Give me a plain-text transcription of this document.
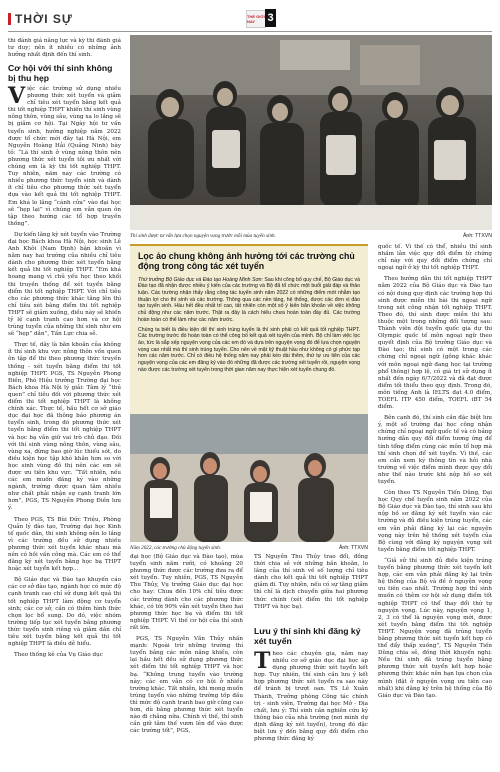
THỜI SỰ	THẾ GIỚI NAY	3
thi đánh giá năng lực và kỳ thi đánh giá tư duy; nên ít nhiều có những ảnh hưởng nhất định đến thí sinh.
Cơ hội với thí sinh không bị thu hẹp
Việc các trường sử dụng nhiều phương thức xét tuyển và giảm chỉ tiêu xét tuyển bằng kết quả thi tốt nghiệp THPT khiến thí sinh vùng nông thôn, vùng sâu, vùng xa lo lắng sẽ bị giảm cơ hội. Tại Ngày hội tư vấn tuyển sinh, hướng nghiệp năm 2022 được tổ chức mới đây tại Hà Nội, em Nguyễn Hoàng Hải (Quảng Ninh) bày tỏ: “Là thí sinh ở vùng nông thôn nên phương thức xét tuyển tôi ưu nhất với chúng em là kỳ thi tốt nghiệp THPT. Tuy nhiên, năm nay các trường có nhiều phương thức tuyển sinh và dành ít chỉ tiêu cho phương thức xét tuyển dựa vào kết quả thi tốt nghiệp THPT. Em khá lo lắng “cánh cửa” vào đại học sẽ “hẹp lại” vì chúng em vẫn quen ôn tập theo hướng các tổ hợp truyền thống”.

Dự kiến lăng kỳ xét tuyển vào Trường đại học Bách khoa Hà Nội, học sinh Lê Anh Khôi (Nam Định) bận khoăn vì năm nay hai trường của nhiều chỉ tiêu dành cho phương thức xét tuyển bằng kết quả thi tốt nghiệp THPT. “Em khá hoang mang vì chủ yếu học theo khối thi truyền thống để xét tuyển bằng điểm thi tốt nghiệp THPT. Với chỉ tiêu cho các phương thức khác tăng lên thì chỉ tiêu xét bằng điểm thi tốt nghiệp THPT sẽ giảm xuống, điều này sẽ khiến tỷ lệ cạnh tranh cao hơn và cơ hội trúng tuyển của những thí sinh như em sẽ “hẹp” dần”, Tấn Lực chia sẻ.

Thực tế, dây là băn khoăn của không ít thí sinh khu vực nông thôn vốn quen ôn tập để thi theo phương thức truyền thống - xét tuyển bằng điểm thi tốt nghiệp THPT. PGS, TS Nguyễn Phong Điền, Phó Hiệu trưởng Trường đại học Bách khoa Hà Nội lý giải: Tâm lý “thủ quen” chỉ tiêu đối với phương thức xét điểm thi tốt nghiệp THPT là không chính xác. Thực tế, hầu hết cơ sở giáo dục đại học đã thông báo phương án tuyển sinh, trong đó phương thức xét tuyển bằng điểm thi tốt nghiệp THPT và học bạ vẫn giữ vai trò chủ đạo. Đối với thí sinh vùng nông thôn, vùng sâu, vùng xa, đừng bao giờ lúc thiếu sót, do điều kiện học tập khó khăn hơn so với học sinh vùng đô thị nên các em sẽ được ưu tiên khu vực. “Tất nhiên, nếu các em muốn đăng ký vào những ngành, trường được quan tâm nhiều như chất phải nhận sự cạnh tranh lớn hơn”, PGS, TS Nguyễn Phong Điền lưu ý.

Theo PGS, TS Bùi Đức Triệu, Phòng Quản lý đào tạo, Trường đại học Kinh tế quốc dân, thí sinh không nên lo lắng vì các trường đều sử dụng nhiều phương thức xét tuyển khác nhau mà nên có hồi vấn công mà. Các em có thể đăng ký xét tuyển bằng học bạ THPT hoặc xét tuyển kết hợp…

Bộ Giáo dục và Đào tạo khuyến cáo các cơ sở đào tạo, ngành học có mức độ cạnh tranh cao chỉ sử dụng kết quả thi tốt nghiệp THPT làm động cơ tuyển sinh; các cơ sở, cần có thêm hình thức chọn lọc bổ sung. Do đó, việc nhóm trường tiếp tục xét tuyển bằng phương thức tuyển sinh riêng và giảm dần chỉ tiêu xét tuyển bằng kết quả thi tốt nghiệp THPT là điều dễ hiểu.

Theo thống kê của Vụ Giáo dục

Thí sinh được tư vấn lựa chọn nguyện vọng trước mỗi mùa tuyển sinh.	Ảnh: TTXVN
Lọc ảo chung không ảnh hưởng tới các trường chủ động trong công tác xét tuyển
Thứ trưởng Bộ Giáo dục và Đào tạo Hoàng Minh Sơn: Sau khi công bố quy chế, Bộ Giáo dục và Đào tạo đã nhận được nhiều ý kiến của các trường và Bộ đã tổ chức một buổi giải đáp và thảo luận. Các trường nhận thấy rằng công tác tuyển sinh năm 2022 có những điểm mới nhằm tạo thuận lợi cho thí sinh và các trường. Thông qua các nền tảng, hệ thống, được các đơn vị đào tạo tuyển sinh. Hầu hết đều nhất trí cao, tất nhiên còn một số ý kiến băn khoăn về việc không chủ động như các năm trước. Thật ra đây là cách hiểu chưa hoàn toàn đầy đủ. Các trường hoàn toàn có thể làm như các năm trước.
Chúng ta biết là điều kiện để thí sinh trúng tuyển là thí sinh phải có kết quả tốt nghiệp THPT. Các trường trước đó hoàn toàn có thể công bố kết quả xét tuyển của mình. Bộ chỉ làm việc lọc ảo, tức là sắp xếp nguyện vọng của các em đó và dựa trên nguyện vọng đó để lựa chọn nguyện vọng cao nhất mà thí sinh trúng tuyển. Cho nên về mặt kỹ thuật hầu như không có gì phức tạp hơn các năm trước. Chỉ có điều hệ thống năm nay phải kéo dài thêm, thứ tự ưu tiên của các nguyện vọng của các em đăng ký vào đó những đã được các trường xét tuyển rồi, nguyện vọng nào được các trường xét tuyển trong thời gian năm nay thực hiện xét tuyển chung đó.
Năm 2022, các trường chủ động tuyển sinh.	Ảnh: TTXVN
đại học (Bộ Giáo dục và Đào tạo), mùa tuyển sinh năm rưỡi, có khoảng 20 phương thức được các trường đưa ra để xét tuyển. Tuy nhiên, PGS, TS Nguyễn Thu Thủy, Vụ trưởng Giáo dục đại học cho hay: Chưa đến 10% chỉ tiêu được các trường dành cho các phương thức khác, có tới 90% vẫn xét tuyển theo hai phương thức học bạ và điểm thi tốt nghiệp THPT. Vì thế cơ hội của thí sinh rất lớn.

PGS, TS Nguyễn Văn Thủy nhấn mạnh: Ngoài trừ những trường thí tuyển bằng các môn năng khiếu, còn lại hầu hết đều sử dụng phương thức xét điểm thi tốt nghiệp THPT và học bạ. “Không trung tuyển vào trường này; các em vẫn có cơ hội ở nhiều trường khác. Tất nhiên, khi mong muốn trúng tuyển vào những trường tốp đầu thì mức độ cạnh tranh bao giờ cũng cao hơn, dù bằng phương thức xét tuyển nào đi chăng nữa. Chính vì thế, thí sinh cần giữ tâm thế vươn lên để vào được các trường tốt”, PGS,

TS Nguyễn Thu Thủy trao đổi, đồng thời chia sẻ với những bắn khoăn, lo lắng của thí sinh về số lượng chỉ tiêu dành cho kết quả thi tốt nghiệp THPT giảm đi. Tuy nhiên, nếu có sự tăng giảm thì chỉ là dịch chuyển giữa hai phương thức chính (xét điểm thi tốt nghiệp THPT và học bạ).
Lưu ý thí sinh khi đăng ký xét tuyển
Theo các chuyên gia, năm nay nhiều cơ sở giáo dục đại học áp dụng phương thức xét tuyển kết hợp. Tuy nhiên, thí sinh cần lưu ý kết hợp phương thức xét tuyển ra sao này để tránh bị trượt oan. TS Lê Xuân Thành, Trưởng phòng Công tác chính trị - sinh viên, Trường đại học Mở - Địa chất, lưu ý: Thí sinh cần nghiên cứu kỹ thông báo của nhà trường (nơi mình dự định đăng ký xét tuyển), trong đó đặc biệt lưu ý đến bằng quy đổi điểm cho phương thức đăng ký
quốc tế. Vì thế có thể, nhiều thí sinh nhầm lẫn việc quy đổi điểm từ chứng chỉ này với quy đổi điểm chứng chỉ ngoại ngữ ở kỳ thi tốt nghiệp THPT.

Theo hướng dẫn thi tốt nghiệp THPT năm 2022 của Bộ Giáo dục và Đào tạo có nội dung quy định các trường hợp thí sinh được miễn thi bài thi ngoại ngữ trong xét công nhận tốt nghiệp THPT. Theo đó, thí sinh được miễn thi khi thuộc một trong những đối tượng sau: Thành viên đội tuyển quốc gia dự thi Olympic quốc tế môn ngoại ngữ theo quyết định của Bộ trưởng Giáo dục và Đào tạo; thí sinh có một trong các chứng chỉ ngoại ngữ (gồng khác khác với môn ngoại ngữ đang học tại trường phổ thông) hợp lệ, có giá trị sử dụng ít nhất đến ngày 6/7/2022 và đã đạt được điểm tối thiểu theo quy định. Trong đó, môn tiếng Anh là IELTS đạt 4.0 điểm, TOEFL ITP 450 điểm, TOEFL iBT 54 điểm.

Bên cạnh đó, thí sinh cần đặc biệt lưu ý, một số trường đại học công nhận chứng chỉ ngoại ngữ quốc tế và có bảng hướng dẫn quy đổi điểm tương ứng để tính tổng điểm cùng các môn tổ hợp mà thí sinh chọn để xét tuyển. Vì thế, các em cần xem kỹ thông tin và hỏi nhà trường về việc điểm mình được quy đổi như thế nào trước khi nộp hồ sơ xét tuyển.

Còn theo TS Nguyễn Tiến Dũng, Đại học Quy chế tuyển sinh năm 2022 của Bộ Giáo dục và Đào tạo, thí sinh sau khi nộp hồ sơ đăng ký xét tuyển vào các trường và đủ điều kiện trúng tuyển, các em vẫn phải đăng ký lại các nguyện vọng này trên hệ thống xét tuyển của Bộ cùng với đăng ký nguyện vọng xét tuyển bằng điểm tốt nghiệp THPT.

“Giả sử thí sinh đủ điều kiện trúng tuyển bằng phương thức xét tuyển kết hợp, các em vẫn phải đăng ký lại trên hệ thống của Bộ và đề ở nguyện vọng ưu tiên cao nhất. Trường hợp thí sinh muốn có thêm cơ hội sử dụng điểm tốt nghiệp THPT có thể thay đổi thứ tự nguyện vọng. Lúc này, nguyện vọng 1, 2, 3 có thể là nguyện vọng mới, được xét tuyển bằng điểm thi tốt nghiệp THPT. Nguyện vọng đã trúng tuyển bằng phương thức xét tuyển kết hợp có thể đẩy thấp xuống”, TS Nguyễn Tiến Dũng chia sẻ, đồng thời khuyến nghị: Nếu thí sinh đã trúng tuyển bằng phương thức xét tuyển kết hợp hoặc phương thức khác nên hạn lựa chọn của mình (đặt ở nguyện vọng ưu tiên cao nhất) khi đăng ký trên hệ thống của Bộ Giáo dục và Đào tạo.
